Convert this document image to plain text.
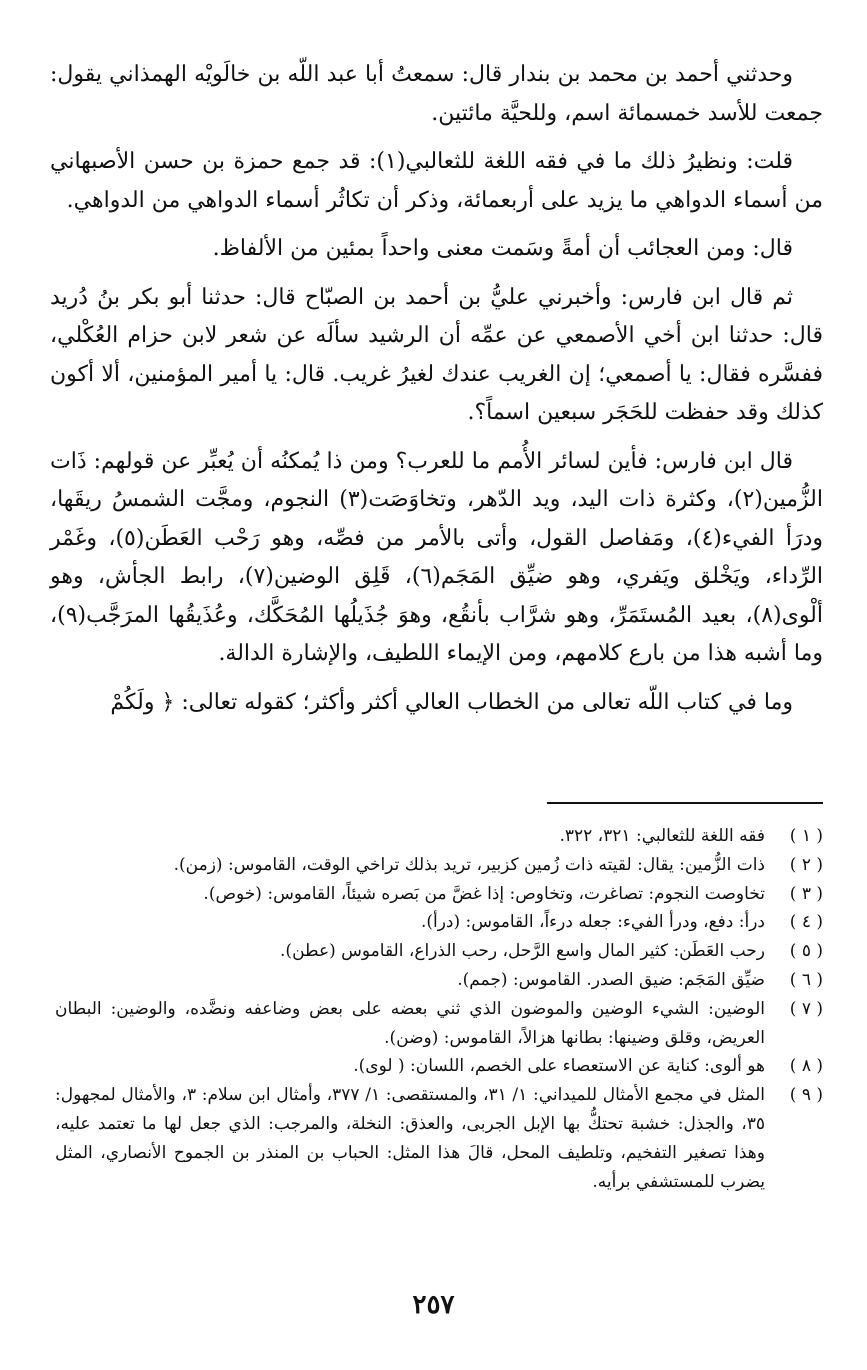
وحدثني أحمد بن محمد بن بندار قال: سمعتُ أبا عبد اللّه بن خالَويْه الهمذاني يقول: جمعت للأسد خمسمائة اسم، وللحيَّة مائتين.

قلت: ونظيرُ ذلك ما في فقه اللغة للثعالبي(١): قد جمع حمزة بن حسن الأصبهاني من أسماء الدواهي ما يزيد على أربعمائة، وذكر أن تكاثُر أسماء الدواهي من الدواهي.

قال: ومن العجائب أن أمةً وسَمت معنى واحداً بمئين من الألفاظ.

ثم قال ابن فارس: وأخبرني عليُّ بن أحمد بن الصبّاح قال: حدثنا أبو بكر بنُ دُريد قال: حدثنا ابن أخي الأصمعي عن عمِّه أن الرشيد سألَه عن شعر لابن حزام العُكْلي، ففسَّره فقال: يا أصمعي؛ إن الغريب عندك لغيرُ غريب. قال: يا أمير المؤمنين، ألا أكون كذلك وقد حفظت للحَجَر سبعين اسماً؟.

قال ابن فارس: فأين لسائر الأُمم ما للعرب؟ ومن ذا يُمكنُه أن يُعبِّر عن قولهم: ذَات الزُّمين(٢)، وكثرة ذات اليد، ويد الدّهر، وتخاوَصَت(٣) النجوم، ومجَّت الشمسُ ريقَها، ودرَأ الفيء(٤)، ومَفاصل القول، وأتى بالأمر من فصِّه، وهو رَحْب العَطَن(٥)، وغَمْر الرِّداء، ويَخْلق ويَفري، وهو ضيِّق المَجَم(٦)، قَلِق الوضين(٧)، رابط الجأش، وهو ألْوى(٨)، بعيد المُستَمَرِّ، وهو شرَّاب بأنقُع، وهوَ جُذَيلُها المُحَكَّك، وعُذَيقُها المرَجَّب(٩)، وما أشبه هذا من بارع كلامهم، ومن الإيماء اللطيف، والإشارة الدالة.

وما في كتاب اللّه تعالى من الخطاب العالي أكثر وأكثر؛ كقوله تعالى: ﴿ ولَكُمْ

( ١ )
فقه اللغة للثعالبي: ٣٢١، ٣٢٢.
( ٢ )
ذات الزُّمين: يقال: لقيته ذات زُمين كزبير، تريد بذلك تراخي الوقت، القاموس: (زمن).
( ٣ )
تخاوصت النجوم: تصاغرت، وتخاوص: إذا غضَّ من بَصره شيئاً، القاموس: (خوص).
( ٤ )
درأ: دفع، ودرأ الفيء: جعله درءاً، القاموس: (درأ).
( ٥ )
رحب العَطَن: كثير المال واسع الرَّحل، رحب الذراع، القاموس (عطن).
( ٦ )
ضيِّق المَجَم: ضيق الصدر. القاموس: (جمم).
( ٧ )
الوضين: الشيء الوضين والموضون الذي ثني بعضه على بعض وضاعفه ونضَّده، والوضين: البطان العريض، وقلق وضينها: بطانها هزالاً، القاموس: (وضن).
( ٨ )
هو ألوى: كناية عن الاستعصاء على الخصم، اللسان: ( لوى).
( ٩ )
المثل في مجمع الأمثال للميداني: ١/ ٣١، والمستقصى: ١/ ٣٧٧، وأمثال ابن سلام: ٣، والأمثال لمجهول: ٣٥، والجذل: خشبة تحتكُّ بها الإبل الجربى، والعذق: النخلة، والمرجب: الذي جعل لها ما تعتمد عليه، وهذا تصغير التفخيم، وتلطيف المحل، قالَ هذا المثل: الحباب بن المنذر بن الجموح الأنصاري، المثل يضرب للمستشفي برأيه.
٢٥٧
